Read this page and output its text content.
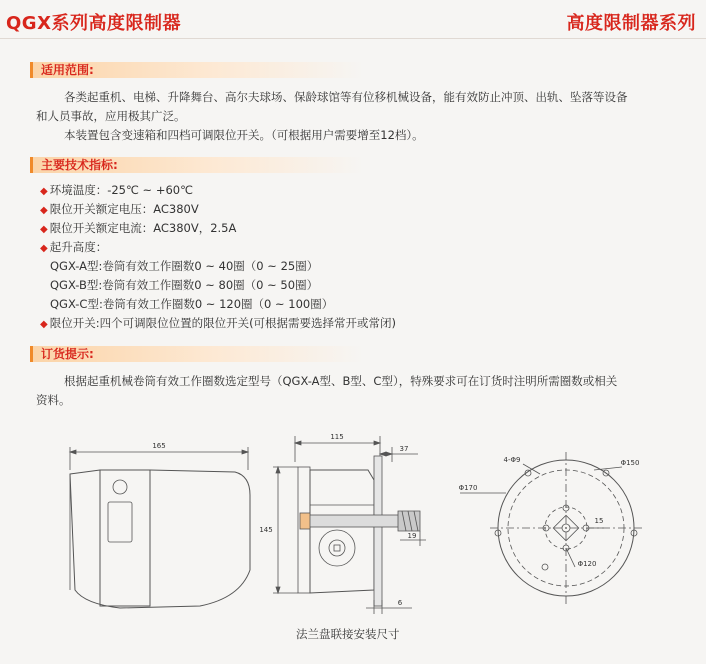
QGX系列高度限制器	高度限制器系列
适用范围:
各类起重机、电梯、升降舞台、高尔夫球场、保龄球馆等有位移机械设备，能有效防止冲顶、出轨、坠落等设备
和人员事故，应用极其广泛。
本装置包含变速箱和四档可调限位开关。（可根据用户需要增至12档）。
主要技术指标:
◆ 环境温度：-25℃ ~ +60℃
◆ 限位开关额定电压：AC380V
◆ 限位开关额定电流：AC380V，2.5A
◆ 起升高度：
QGX-A型:卷筒有效工作圈数0 ~ 40圈（0 ~ 25圈）
QGX-B型:卷筒有效工作圈数0 ~ 80圈（0 ~ 50圈）
QGX-C型:卷筒有效工作圈数0 ~ 120圈（0 ~ 100圈）
◆ 限位开关:四个可调限位位置的限位开关(可根据需要选择常开或常闭)
订货提示:
根据起重机械卷筒有效工作圈数选定型号（QGX-A型、B型、C型），特殊要求可在订货时注明所需圈数或相关
资料。
165
115
37
145
19
6
4-Φ9
Φ170
Φ150
15
Φ120
法兰盘联接安装尺寸
